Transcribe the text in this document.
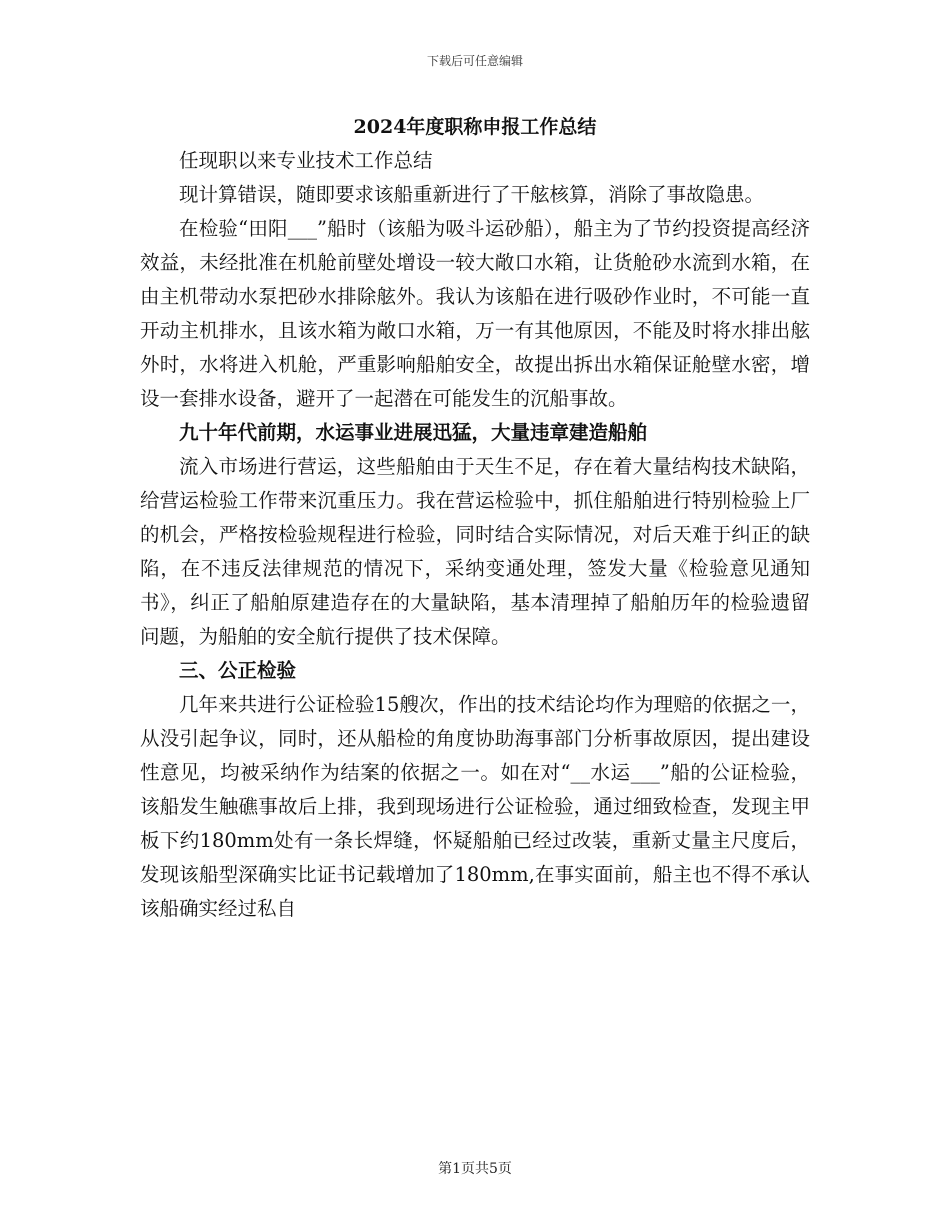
下载后可任意编辑
2024年度职称申报工作总结

任现职以来专业技术工作总结

现计算错误，随即要求该船重新进行了干舷核算，消除了事故隐患。

在检验“田阳___”船时（该船为吸斗运砂船），船主为了节约投资提高经济效益，未经批准在机舱前壁处增设一较大敞口水箱，让货舱砂水流到水箱，在由主机带动水泵把砂水排除舷外。我认为该船在进行吸砂作业时，不可能一直开动主机排水，且该水箱为敞口水箱，万一有其他原因，不能及时将水排出舷外时，水将进入机舱，严重影响船舶安全，故提出拆出水箱保证舱壁水密，增设一套排水设备，避开了一起潜在可能发生的沉船事故。

九十年代前期，水运事业进展迅猛，大量违章建造船舶

流入市场进行营运，这些船舶由于天生不足，存在着大量结构技术缺陷，给营运检验工作带来沉重压力。我在营运检验中，抓住船舶进行特别检验上厂的机会，严格按检验规程进行检验，同时结合实际情况，对后天难于纠正的缺陷，在不违反法律规范的情况下，采纳变通处理，签发大量《检验意见通知书》，纠正了船舶原建造存在的大量缺陷，基本清理掉了船舶历年的检验遗留问题，为船舶的安全航行提供了技术保障。

三、公正检验

几年来共进行公证检验15艘次，作出的技术结论均作为理赔的依据之一，从没引起争议，同时，还从船检的角度协助海事部门分析事故原因，提出建设性意见，均被采纳作为结案的依据之一。如在对“__水运___”船的公证检验，该船发生触礁事故后上排，我到现场进行公证检验，通过细致检查，发现主甲板下约180mm处有一条长焊缝，怀疑船舶已经过改装，重新丈量主尺度后，发现该船型深确实比证书记载增加了180mm,在事实面前，船主也不得不承认该船确实经过私自

第1页共5页
